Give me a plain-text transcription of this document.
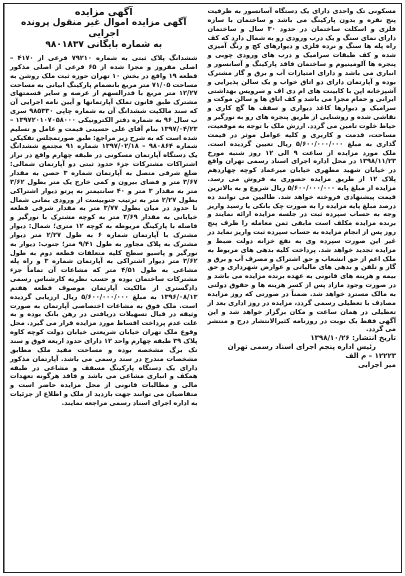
آگهی مزایده

آگهی مزایده اموال غیر منقول پرونده اجرایی

به شماره بایگانی ۹۸۰۱۸۳۷

ششدانگ پلاک ثبتی به شماره ۷۹۲۱۰ فرعی از ۴۱۷۰ – اصلی مفروز و مجزا شده از ۶۵ فرعی از اصلی مذکور قطعه ۱۹ واقع در بخش ۱۰ تهران حوزه ثبت ملک روشن به مساحت ۷۱/۰۵ متر مربع بانضمام پارکینگ ابیانی به مساحت ۱۲/۲۷ متر مربع با قدرالسهم از عرصه و سایر قسمتهای مشترک طبق قانون تملک آپارتمانها و آیین نامه اجرایی آن که سند مالکیت ششدانگ آن به شماره چاپی ۹۸۵۳۳۰ سری ب سال ۹۶ به شماره دفتر الکترونیکی ۱۳۹۷۲۰۱۰۷۰۵۸۰۰۰ – ۱۳۹۷/۰۴/۲۳ بنام آقای علی حسینی قیمت و عامل و تسلیم شده است که به شرح زیر مراجع: طبق صورتمجلس تفکیکی شماره ۹۸۰۸۶۴ – ۱۳۹۷/۰۲/۱۸ شماره ۹۱ مجتمع ششدانگ یک دستگاه آپارتمان مسکونی در طبقه چهارم واقع در تراز اشتراکات مشترکات جزء حدود ثبتی دو آپارتمان شمالی: ضلع شرقی متصل به آپارتمان شماره ۳ حصن به مقدار ۳/۶۷ متر و فضای بیرون و کمی خارج یک متر بطول ۳/۶۲ متر به مقدار ۳ متر و ۴۰ سانتیمتر به پرتو دیوار اشتراکی بطول ۲/۲۷ متر به ترتیب جنوبیست از ورودی بمانی شمال تا حدود در میان بطول ۳/۷۷ متر به مقدار شرقی قطعه خیابانی به مقدار ۳/۶۹ متر به کوچه مشترک با نورگیر و فاصله با پارکینگ مربوطه به کوچه ۱۲ متری؛ شمال: دیوار مشترک با آپارتمان شماره ۶ به طول ۲/۲۷ متر دیوار مشترک به پلاک مجاور به طول ۹/۴۱ متر؛ جنوب: دیوار به نورگیر و پاسیو سطح کلیه متعلقات قطعه دوم به طول ۳/۶۲ متر دیوار اشتراکی به آپارتمان شماره ۳ و راه پله مشاعی به طول ۴/۵۱ متر که مشاعات آن تماماً جزء مشترکات ساختمان بوده و حسب نظریه کارشناس رسمی دادگستری از مالکیت آپارتمان موصوف قطعه هفتم ۱۳۹۶/۰۸/۱۳ به مبلغ ۵/۶۰۰/۰۰۰/۰۰۰ ریال ارزیابی گردیده است. ملک فوق به مشاعات اختصاصی آپارتمان به صورت وثیقه در قبال تسهیلات دریافتی در رهن بانک بوده و به علت عدم پرداخت اقساط مورد مزایده قرار می گیرد. محل وقوع ملک تهران خیابان شریعتی خیابان دولت کوچه کاوه پلاک ۳۹ طبقه چهارم واحد ۱۲ دارای حدود اربعه فوق و سند تک برگ مشخصه بوده و مساحت مفید ملک مطابق مشخصات مندرج در سند رسمی می باشد. آپارتمان مذکور دارای یک دستگاه پارکینگ مسقف و مشاعی در طبقه همکف و انباری مشاعی می باشد و فاقد هرگونه تعهدات مالی و مطالبات قانونی از محل مزایده حاضر است و متقاضیان می توانند جهت بازدید از ملک و اطلاع از جزئیات به اداره اجرای اسناد رسمی مراجعه نمایند.

مسکونی تک واحدی دارای یک دستگاه آسانسور به ظرفیت پنج نفره و بدون پارکینگ می باشد و ساختمان با سازه فلزی و اسکلت ساختمان در حدود ۳۰ سال و ساختمان دارای نمای سنگ و یک درب ورودی رو به شمال دارد که کف راه پله ها سنگ و نرده فلزی و دیوارهای کچ و رنگ آمیزی شده و کف طبقات سرامیک و درب های ورودی چوبی و پنجره ها آلومینیوم و ساختمان فاقد پارکینگ و آسانسور و انباری می باشد و دارای امتیازات آب و برق و گاز مشترک بوده و آپارتمان دارای دو اتاق خواب و یک سالن پذیرایی و آشپزخانه اپن با کابینت های ام دی اف و سرویس بهداشتی ایرانی و حمام مجزا می باشد و کف اتاق ها و سالن موکت و سرامیک و دیوارها کاغذ دیواری و سقف ها گچ کاری و نقاشی شده و روشنایی از طریق پنجره های رو به نورگیر و حیاط خلوت تامین می گردد. ارزش ملک با توجه به موقعیت، مساحت، قدمت و کاربری و کلیه عوامل موثر در قیمت گذاری به مبلغ ۵/۶۰۰/۰۰۰/۰۰۰ ریال تعیین گردیده است. ملک مورد مزایده از ساعت ۹ الی ۱۲ روز شنبه مورخ ۱۳۹۸/۱۱/۲۳ در محل اداره اجرای اسناد رسمی تهران واقع در خیابان شهید مطهری خیابان میرعماد کوچه چهاردهم پلاک ۱۲ از طریق مزایده حضوری به فروش می رسد. مزایده از مبلغ پایه ۵/۶۰۰/۰۰۰/۰۰۰ ریال شروع و به بالاترین قیمت پیشنهادی فروخته خواهد شد. طالبین می توانند ده درصد مبلغ پایه مزایده را به صورت چک بانکی یا رسید واریز وجه به حساب سپرده ثبت در جلسه مزایده ارائه نمایند و برنده مزایده مکلف است مابقی ثمن معامله را ظرف پنج روز پس از انجام مزایده به حساب سپرده ثبت واریز نماید در غیر این صورت سپرده وی به نفع خزانه دولت ضبط و مزایده تجدید خواهد شد. پرداخت کلیه بدهی های مربوط به ملک اعم از حق انشعاب و حق اشتراک و مصرف آب و برق و گاز و تلفن و بدهی های مالیاتی و عوارض شهرداری و حق بیمه و هزینه های قانونی به عهده برنده مزایده می باشد و در صورت وجود مازاد پس از کسر هزینه ها و حقوق دولتی به مالک مسترد خواهد شد. ضمناً در صورتی که روز مزایده مصادف با تعطیلی رسمی گردد، مزایده در روز اداری بعد از تعطیلی در همان ساعت و مکان برگزار خواهد شد و این آگهی فقط یک نوبت در روزنامه کثیرالانتشار درج و منتشر می گردد.

تاریخ انتشار: ۱۳۹۸/۱۰/۲۶

رئیس اداره پنجم اجرای اسناد رسمی تهران

۱۲۲۲۳ – م الف

میر اجرایی
